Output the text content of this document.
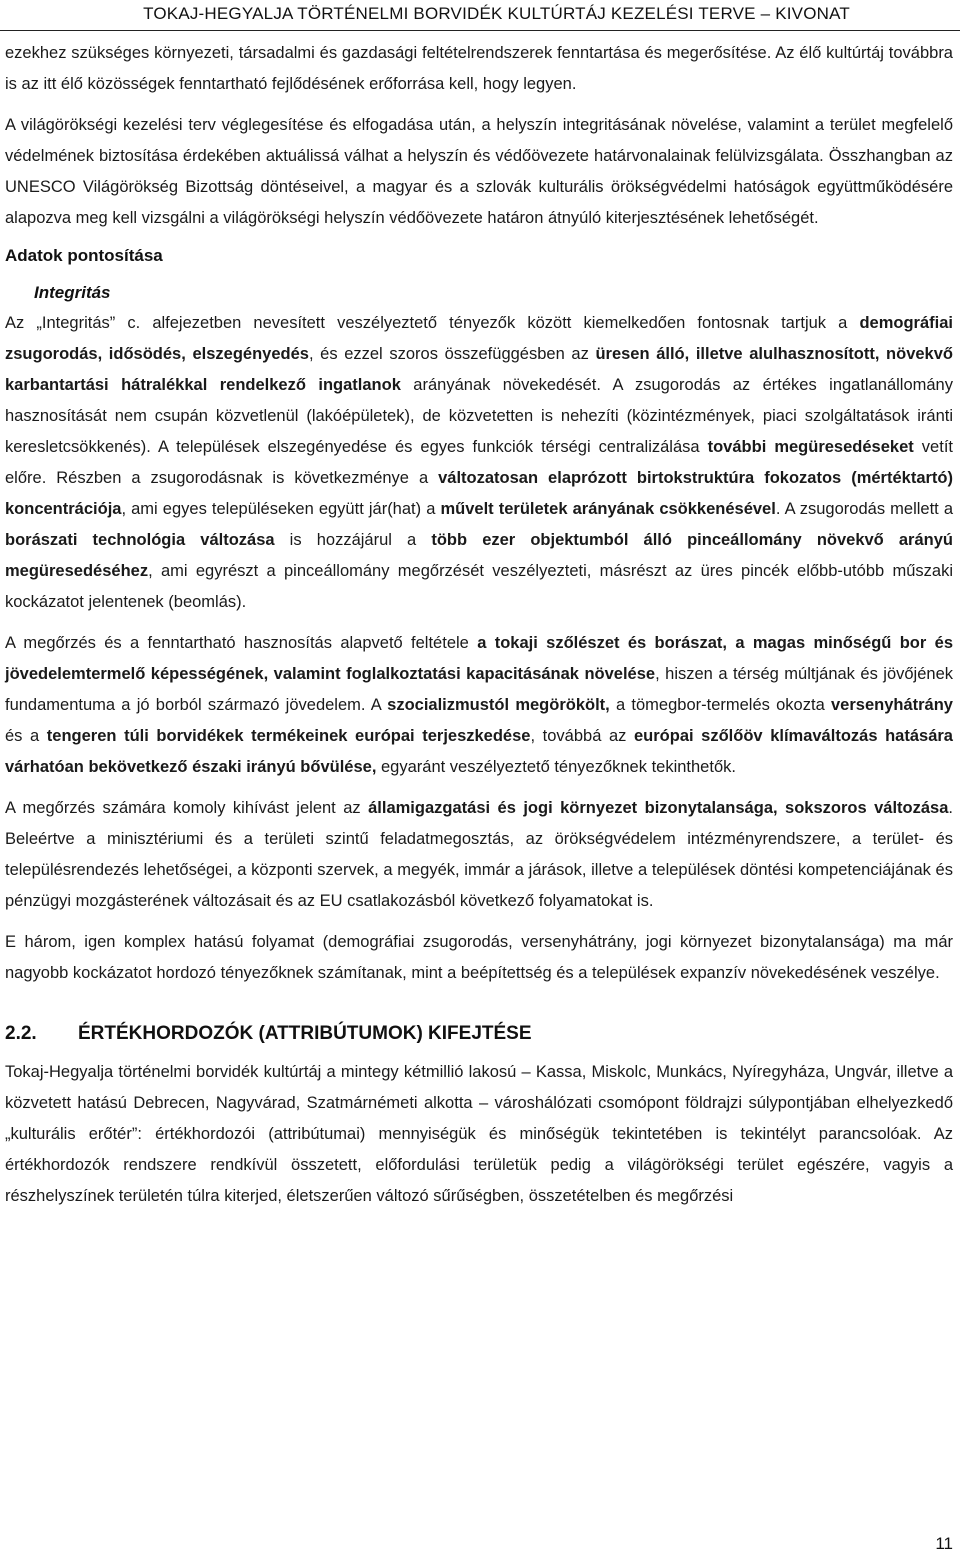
TOKAJ-HEGYALJA TÖRTÉNELMI BORVIDÉK KULTÚRTÁJ KEZELÉSI TERVE – KIVONAT

ezekhez szükséges környezeti, társadalmi és gazdasági feltételrendszerek fenntartása és megerősítése. Az élő kultúrtáj továbbra is az itt élő közösségek fenntartható fejlődésének erőforrása kell, hogy legyen.

A világörökségi kezelési terv véglegesítése és elfogadása után, a helyszín integritásának növelése, valamint a terület megfelelő védelmének biztosítása érdekében aktuálissá válhat a helyszín és védőövezete határvonalainak felülvizsgálata. Összhangban az UNESCO Világörökség Bizottság döntéseivel, a magyar és a szlovák kulturális örökségvédelmi hatóságok együttműködésére alapozva meg kell vizsgálni a világörökségi helyszín védőövezete határon átnyúló kiterjesztésének lehetőségét.

Adatok pontosítása
Integritás

Az „Integritás” c. alfejezetben nevesített veszélyeztető tényezők között kiemelkedően fontosnak tartjuk a demográfiai zsugorodás, idősödés, elszegényedés, és ezzel szoros összefüggésben az üresen álló, illetve alulhasznosított, növekvő karbantartási hátralékkal rendelkező ingatlanok arányának növekedését. A zsugorodás az értékes ingatlanállomány hasznosítását nem csupán közvetlenül (lakóépületek), de közvetetten is nehezíti (közintézmények, piaci szolgáltatások iránti keresletcsökkenés). A települések elszegényedése és egyes funkciók térségi centralizálása további megüresedéseket vetít előre. Részben a zsugorodásnak is következménye a változatosan elaprózott birtokstruktúra fokozatos (mértéktartó) koncentrációja, ami egyes településeken együtt jár(hat) a művelt területek arányának csökkenésével. A zsugorodás mellett a borászati technológia változása is hozzájárul a több ezer objektumból álló pinceállomány növekvő arányú megüresedéséhez, ami egyrészt a pinceállomány megőrzését veszélyezteti, másrészt az üres pincék előbb-utóbb műszaki kockázatot jelentenek (beomlás).

A megőrzés és a fenntartható hasznosítás alapvető feltétele a tokaji szőlészet és borászat, a magas minőségű bor és jövedelemtermelő képességének, valamint foglalkoztatási kapacitásának növelése, hiszen a térség múltjának és jövőjének fundamentuma a jó borból származó jövedelem. A szocializmustól megörökölt, a tömegbor-termelés okozta versenyhátrány és a tengeren túli borvidékek termékeinek európai terjeszkedése, továbbá az európai szőlőöv klímaváltozás hatására várhatóan bekövetkező északi irányú bővülése, egyaránt veszélyeztető tényezőknek tekinthetők.

A megőrzés számára komoly kihívást jelent az államigazgatási és jogi környezet bizonytalansága, sokszoros változása. Beleértve a minisztériumi és a területi szintű feladatmegosztás, az örökségvédelem intézményrendszere, a terület- és településrendezés lehetőségei, a központi szervek, a megyék, immár a járások, illetve a települések döntési kompetenciájának és pénzügyi mozgásterének változásait és az EU csatlakozásból következő folyamatokat is.

E három, igen komplex hatású folyamat (demográfiai zsugorodás, versenyhátrány, jogi környezet bizonytalansága) ma már nagyobb kockázatot hordozó tényezőknek számítanak, mint a beépítettség és a települések expanzív növekedésének veszélye.

2.2. ÉRTÉKHORDOZÓK (ATTRIBÚTUMOK) KIFEJTÉSE

Tokaj-Hegyalja történelmi borvidék kultúrtáj a mintegy kétmillió lakosú – Kassa, Miskolc, Munkács, Nyíregyháza, Ungvár, illetve a közvetett hatású Debrecen, Nagyvárad, Szatmárnémeti alkotta – városhálózati csomópont földrajzi súlypontjában elhelyezkedő „kulturális erőtér”: értékhordozói (attribútumai) mennyiségük és minőségük tekintetében is tekintélyt parancsolóak. Az értékhordozók rendszere rendkívül összetett, előfordulási területük pedig a világörökségi terület egészére, vagyis a részhelyszínek területén túlra kiterjed, életszerűen változó sűrűségben, összetételben és megőrzési

11
